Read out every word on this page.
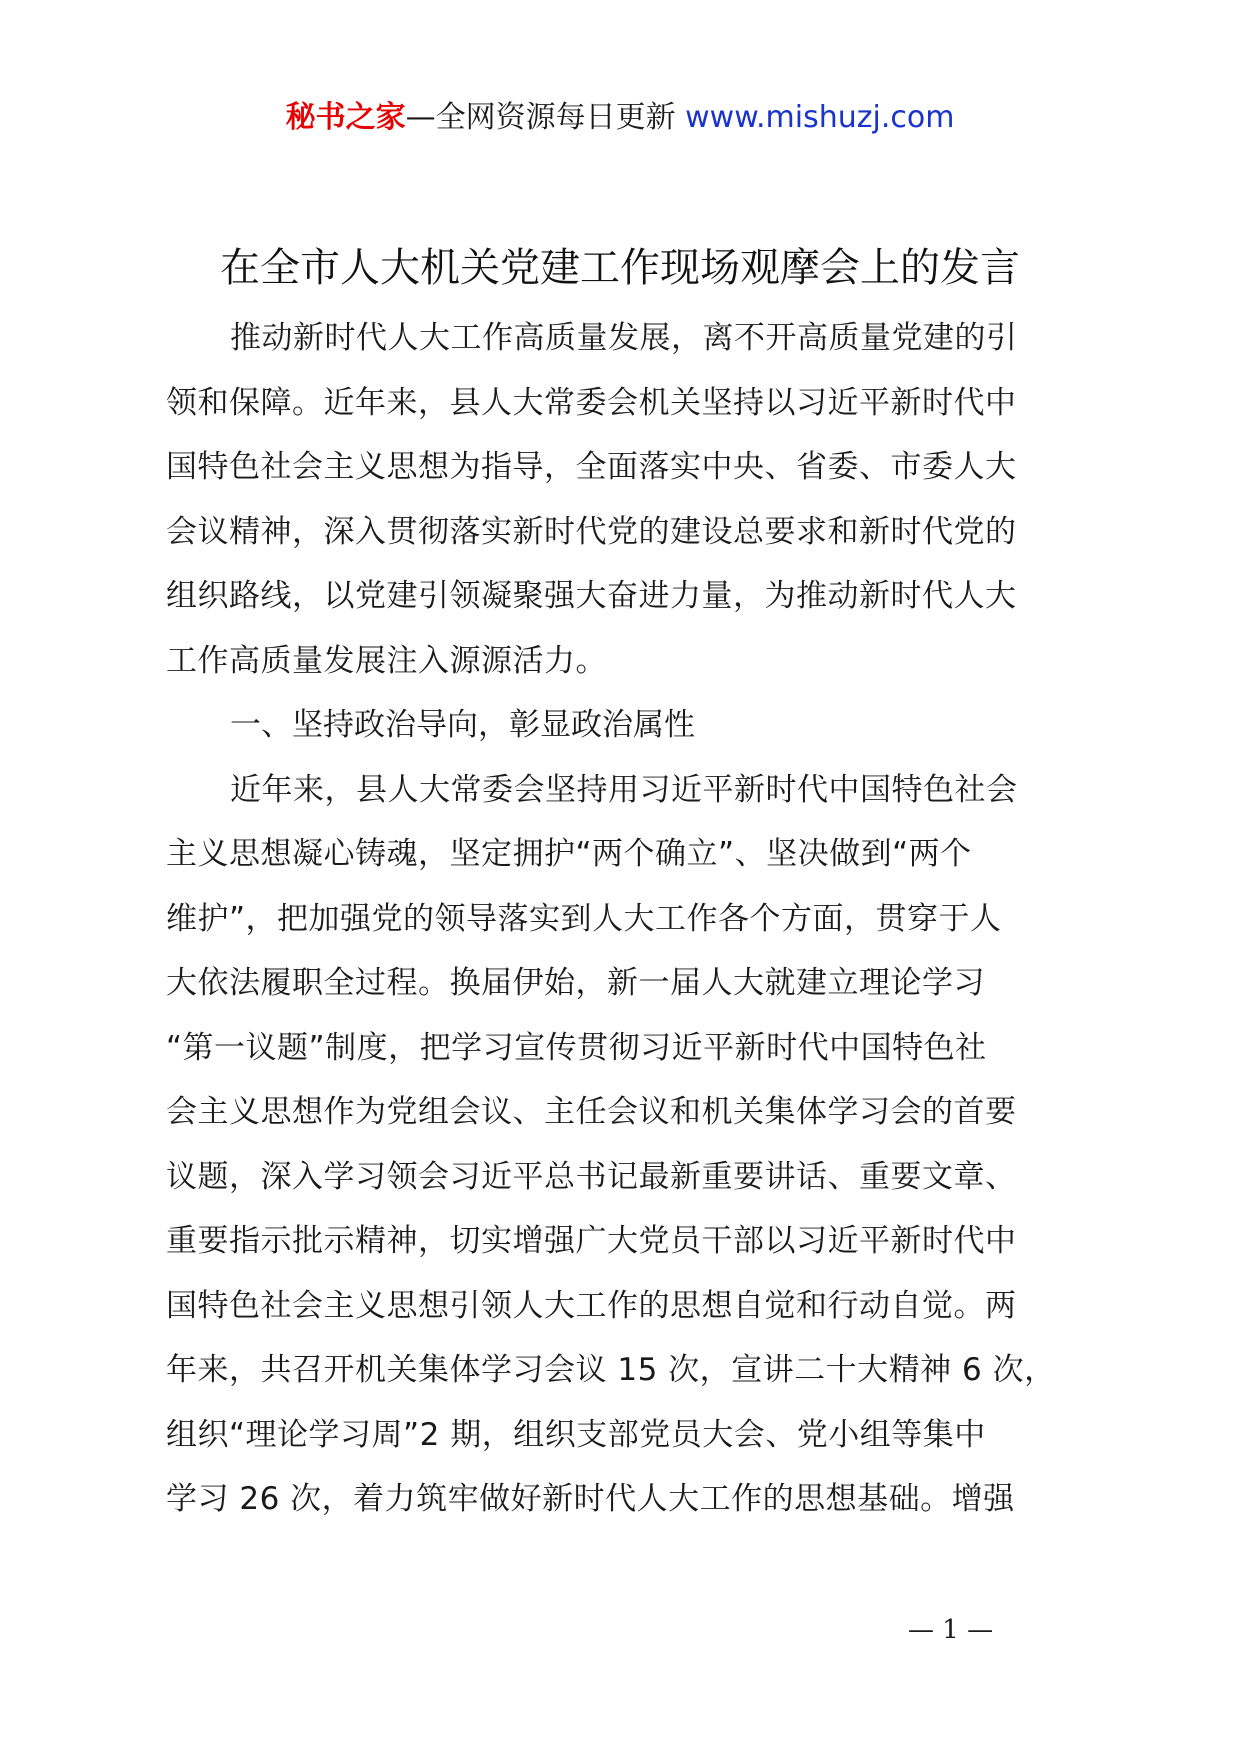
秘书之家—全网资源每日更新 www.mishuzj.com
在全市人大机关党建工作现场观摩会上的发言
推动新时代人大工作高质量发展，离不开高质量党建的引
领和保障。近年来，县人大常委会机关坚持以习近平新时代中
国特色社会主义思想为指导，全面落实中央、省委、市委人大
会议精神，深入贯彻落实新时代党的建设总要求和新时代党的
组织路线，以党建引领凝聚强大奋进力量，为推动新时代人大
工作高质量发展注入源源活力。
一、坚持政治导向，彰显政治属性
近年来，县人大常委会坚持用习近平新时代中国特色社会
主义思想凝心铸魂，坚定拥护“两个确立”、坚决做到“两个
维护”，把加强党的领导落实到人大工作各个方面，贯穿于人
大依法履职全过程。换届伊始，新一届人大就建立理论学习
“第一议题”制度，把学习宣传贯彻习近平新时代中国特色社
会主义思想作为党组会议、主任会议和机关集体学习会的首要
议题，深入学习领会习近平总书记最新重要讲话、重要文章、
重要指示批示精神，切实增强广大党员干部以习近平新时代中
国特色社会主义思想引领人大工作的思想自觉和行动自觉。两
年来，共召开机关集体学习会议 15 次，宣讲二十大精神 6 次，
组织“理论学习周”2 期，组织支部党员大会、党小组等集中
学习 26 次，着力筑牢做好新时代人大工作的思想基础。增强
— 1 —
